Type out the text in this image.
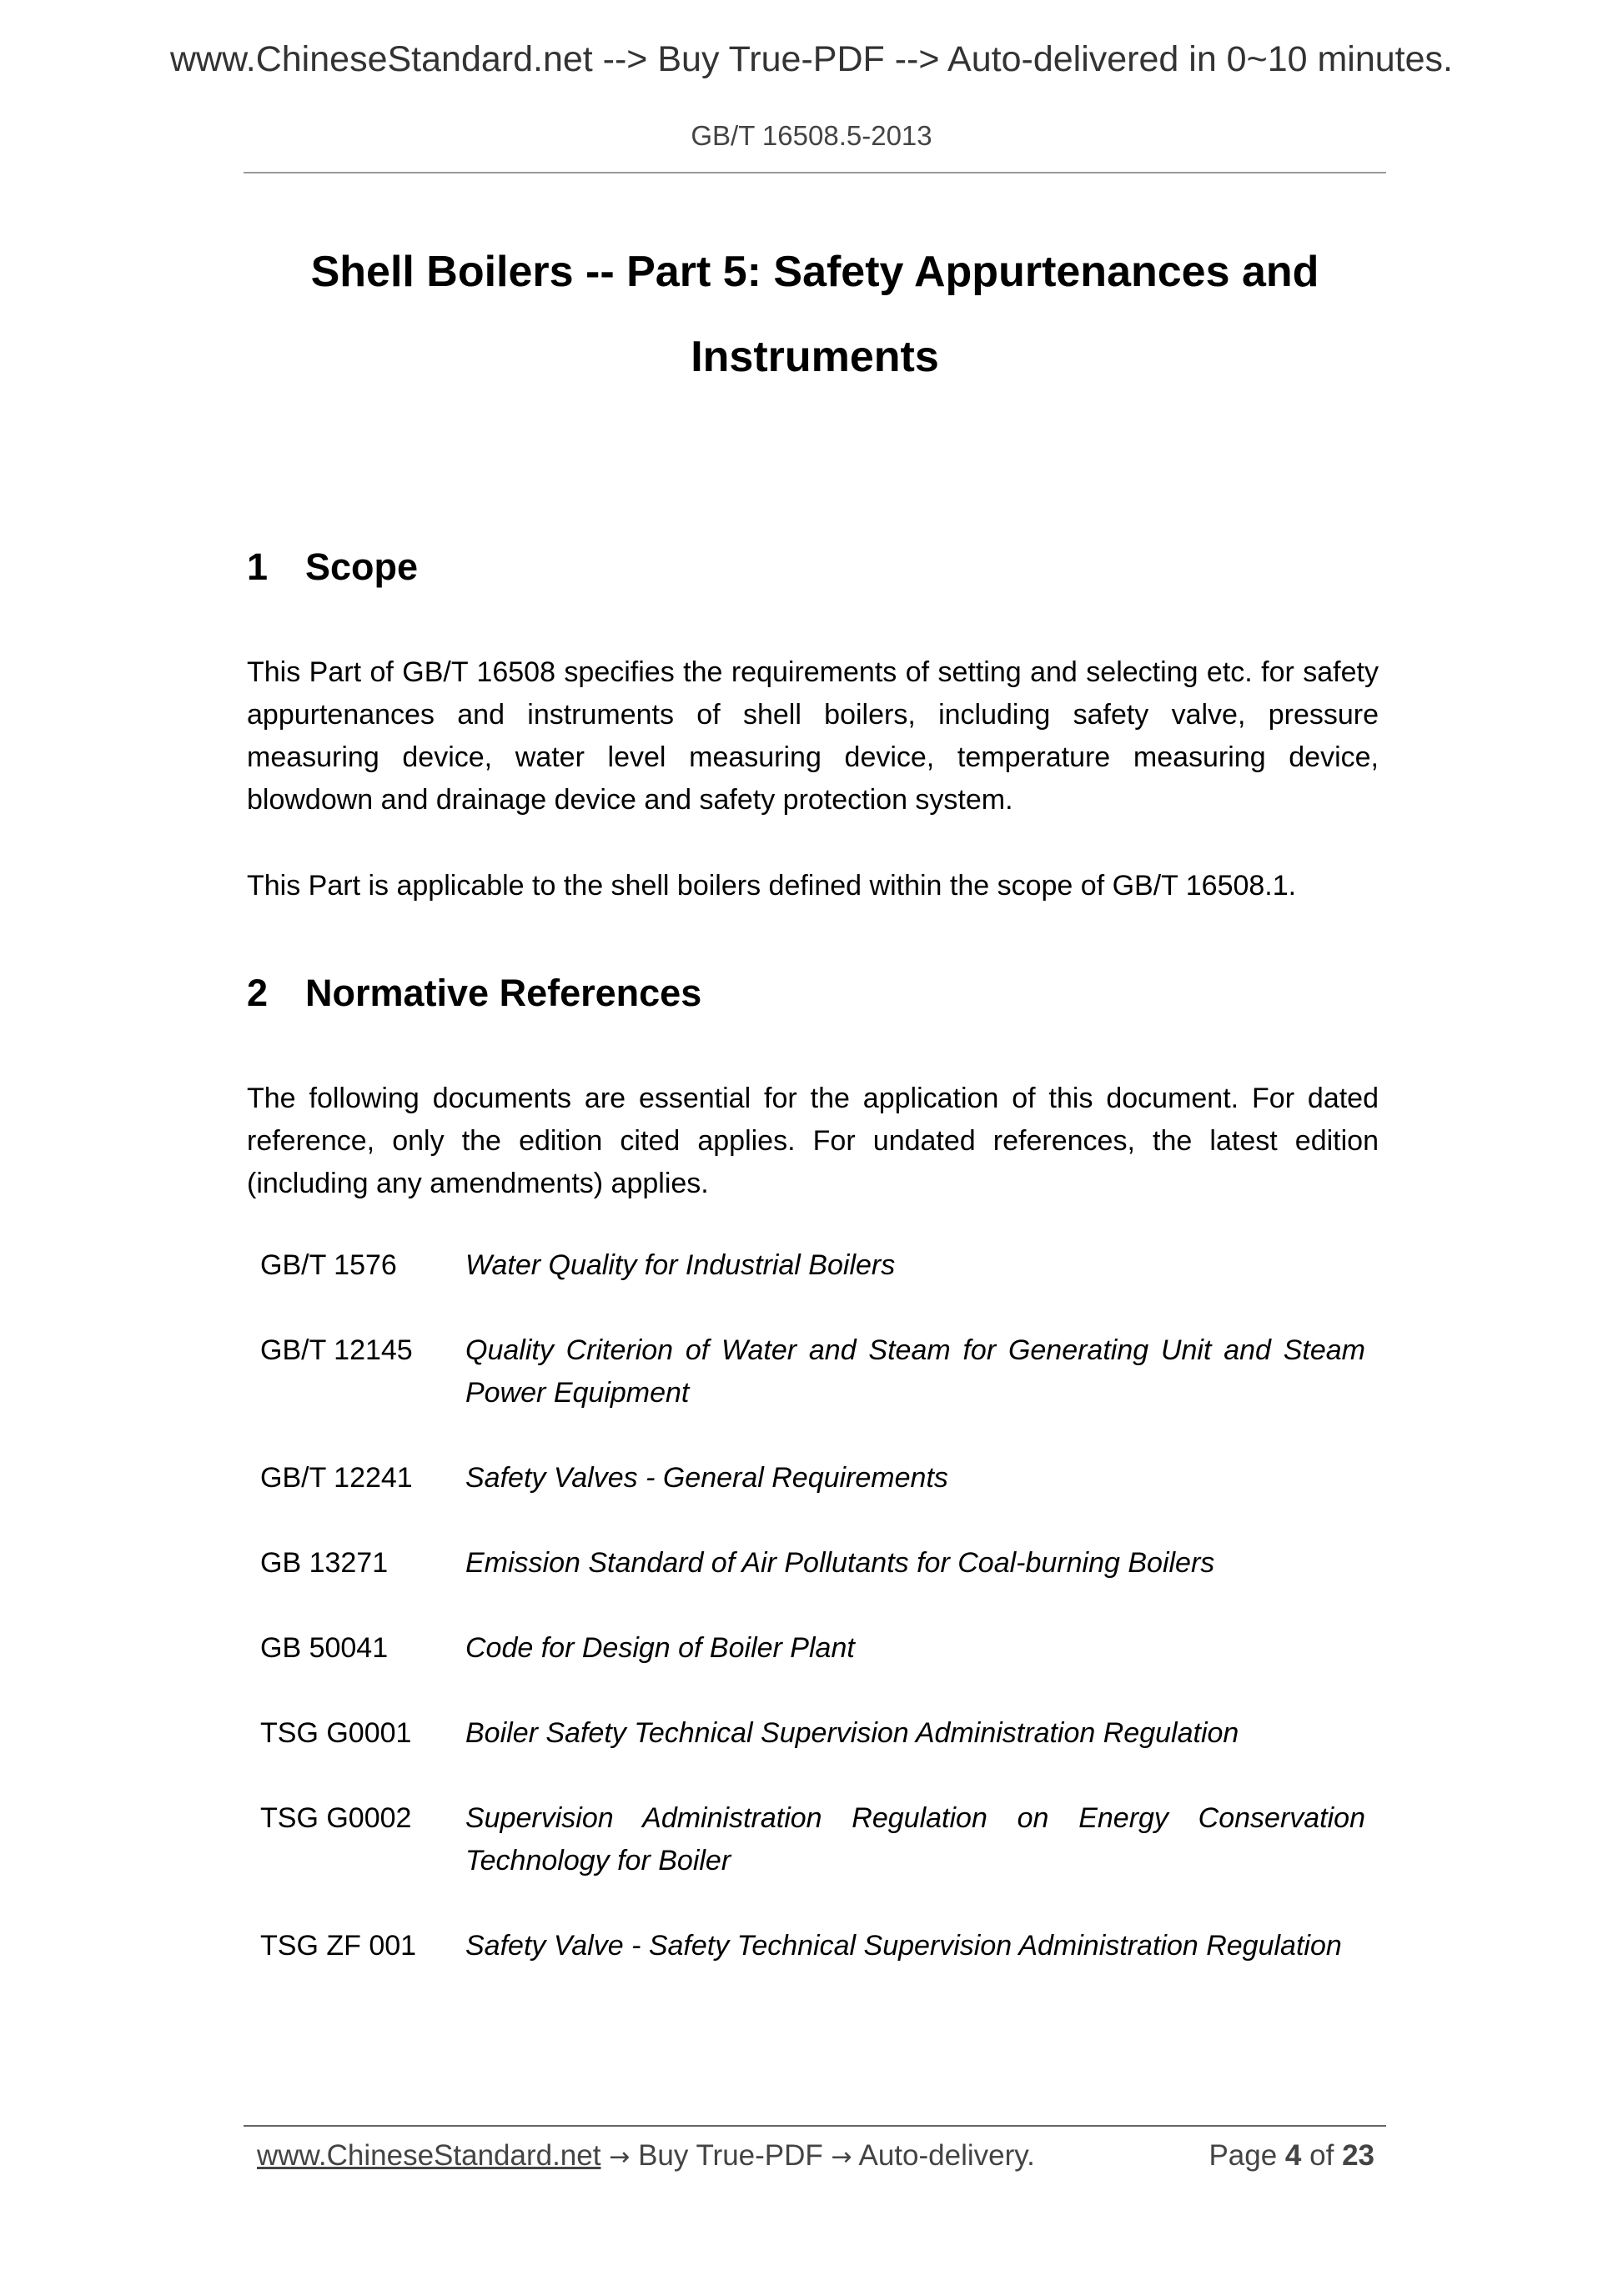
www.ChineseStandard.net --> Buy True-PDF --> Auto-delivered in 0~10 minutes.
GB/T 16508.5-2013
Shell Boilers -- Part 5: Safety Appurtenances and Instruments
1 Scope

This Part of GB/T 16508 specifies the requirements of setting and selecting etc. for safety appurtenances and instruments of shell boilers, including safety valve, pressure measuring device, water level measuring device, temperature measuring device, blowdown and drainage device and safety protection system.

This Part is applicable to the shell boilers defined within the scope of GB/T 16508.1.

2 Normative References

The following documents are essential for the application of this document. For dated reference, only the edition cited applies. For undated references, the latest edition (including any amendments) applies.

GB/T 1576	Water Quality for Industrial Boilers
GB/T 12145	Quality Criterion of Water and Steam for Generating Unit and Steam Power Equipment
GB/T 12241	Safety Valves - General Requirements
GB 13271	Emission Standard of Air Pollutants for Coal-burning Boilers
GB 50041	Code for Design of Boiler Plant
TSG G0001	Boiler Safety Technical Supervision Administration Regulation
TSG G0002	Supervision Administration Regulation on Energy Conservation Technology for Boiler
TSG ZF 001	Safety Valve - Safety Technical Supervision Administration Regulation
www.ChineseStandard.net → Buy True-PDF → Auto-delivery.	Page 4 of 23
